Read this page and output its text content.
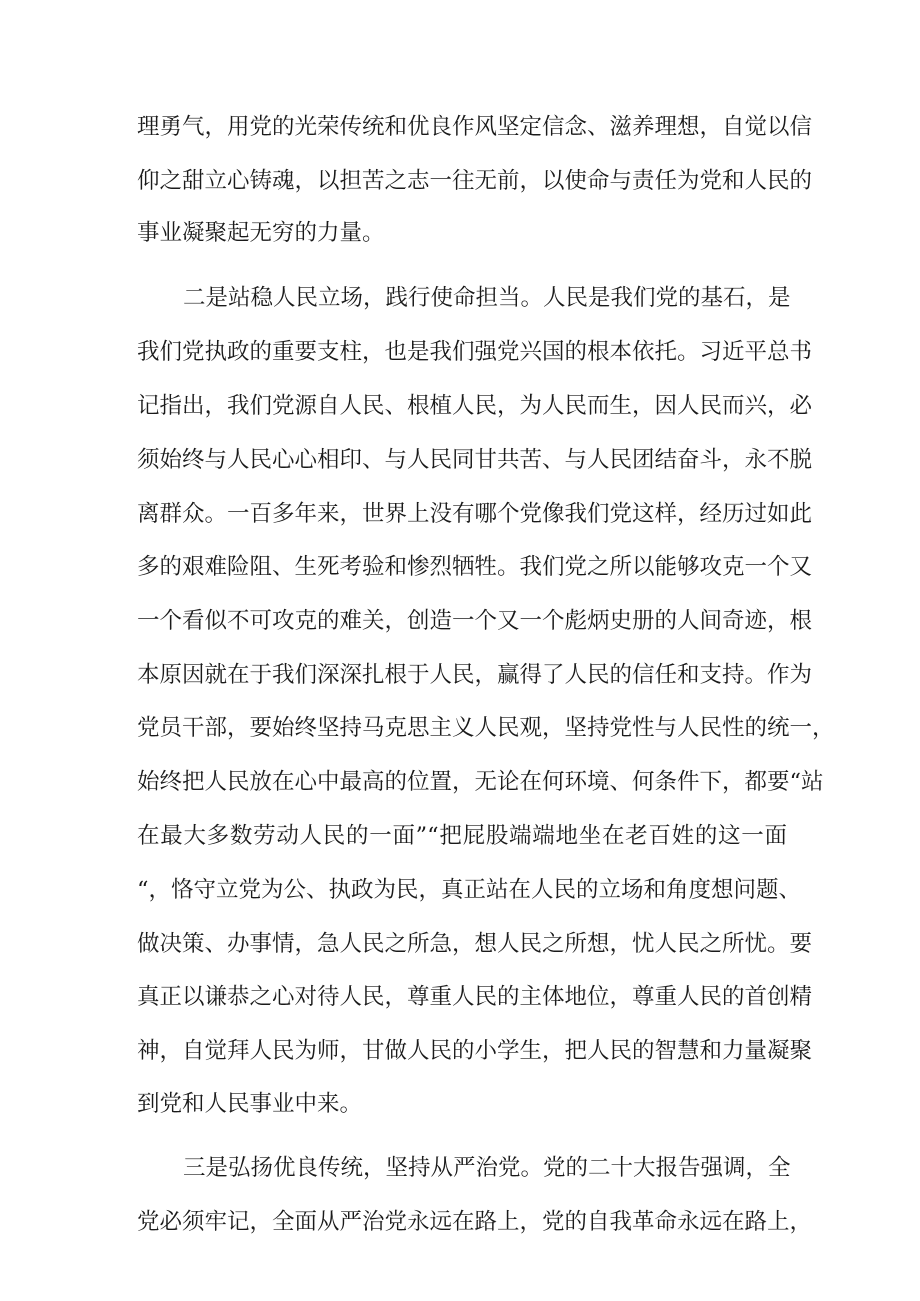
理勇气，用党的光荣传统和优良作风坚定信念、滋养理想，自觉以信

仰之甜立心铸魂，以担苦之志一往无前，以使命与责任为党和人民的

事业凝聚起无穷的力量。

二是站稳人民立场，践行使命担当。人民是我们党的基石，是

我们党执政的重要支柱，也是我们强党兴国的根本依托。习近平总书

记指出，我们党源自人民、根植人民，为人民而生，因人民而兴，必

须始终与人民心心相印、与人民同甘共苦、与人民团结奋斗，永不脱

离群众。一百多年来，世界上没有哪个党像我们党这样，经历过如此

多的艰难险阻、生死考验和惨烈牺牲。我们党之所以能够攻克一个又

一个看似不可攻克的难关，创造一个又一个彪炳史册的人间奇迹，根

本原因就在于我们深深扎根于人民，赢得了人民的信任和支持。作为

党员干部，要始终坚持马克思主义人民观，坚持党性与人民性的统一，

始终把人民放在心中最高的位置，无论在何环境、何条件下，都要“站

在最大多数劳动人民的一面”“把屁股端端地坐在老百姓的这一面

“，恪守立党为公、执政为民，真正站在人民的立场和角度想问题、

做决策、办事情，急人民之所急，想人民之所想，忧人民之所忧。要

真正以谦恭之心对待人民，尊重人民的主体地位，尊重人民的首创精

神，自觉拜人民为师，甘做人民的小学生，把人民的智慧和力量凝聚

到党和人民事业中来。

三是弘扬优良传统，坚持从严治党。党的二十大报告强调，全

党必须牢记，全面从严治党永远在路上，党的自我革命永远在路上，
